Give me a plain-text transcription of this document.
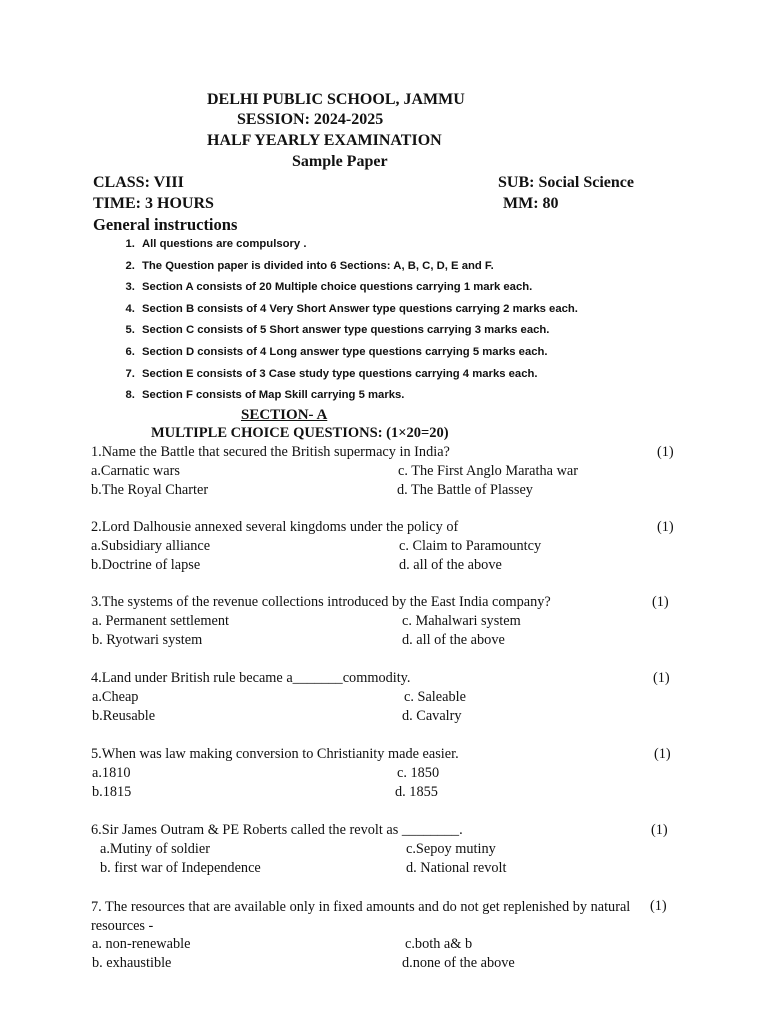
DELHI PUBLIC SCHOOL, JAMMU
SESSION: 2024-2025
HALF YEARLY EXAMINATION
Sample Paper
CLASS: VIII	SUB: Social Science
TIME: 3 HOURS	MM: 80
General instructions
1. All questions are compulsory .
2. The Question paper is divided into 6 Sections: A, B, C, D, E and F.
3. Section A consists of 20 Multiple choice questions carrying 1 mark each.
4. Section B consists of 4 Very Short Answer type questions carrying 2 marks each.
5. Section C consists of 5 Short answer type questions carrying 3 marks each.
6. Section D consists of 4 Long answer type questions carrying 5 marks each.
7. Section E consists of 3 Case study type questions carrying 4 marks each.
8. Section F consists of Map Skill carrying 5 marks.
SECTION- A
MULTIPLE CHOICE QUESTIONS: (1×20=20)
1.Name the Battle that secured the British supermacy in India?	(1)
a.Carnatic wars	c. The First Anglo Maratha war
b.The Royal Charter	d. The Battle of Plassey
2.Lord Dalhousie annexed several kingdoms under the policy of	(1)
a.Subsidiary alliance	c. Claim to Paramountcy
b.Doctrine of lapse	d. all of the above
3.The systems of the revenue collections introduced by the East India company?	(1)
a. Permanent settlement	c. Mahalwari system
b. Ryotwari system	d. all of the above
4.Land under British rule became a_______commodity.	(1)
a.Cheap	c. Saleable
b.Reusable	d. Cavalry
5.When was law making conversion to Christianity made easier.	(1)
a.1810	c. 1850
b.1815	d. 1855
6.Sir James Outram & PE Roberts called the revolt as ________.	(1)
a.Mutiny of soldier	c.Sepoy mutiny
b. first war of Independence	d. National revolt
7. The resources that are available only in fixed amounts and do not get replenished by natural resources -
(1)
a. non-renewable	c.both a& b
b. exhaustible	d.none of the above
